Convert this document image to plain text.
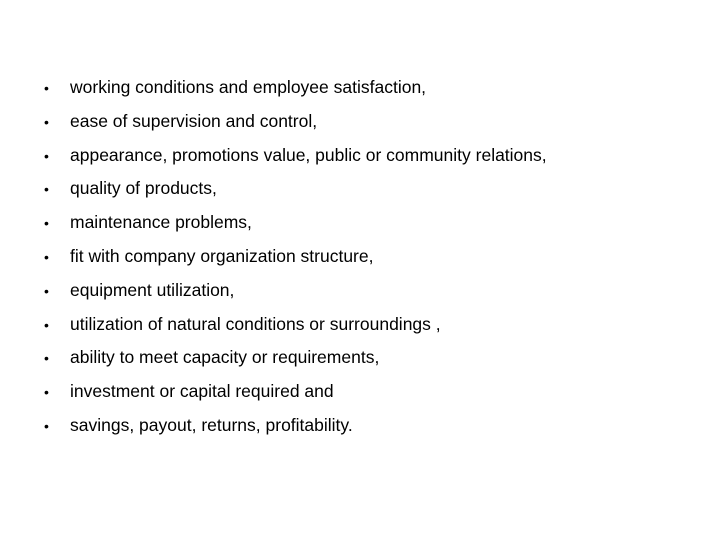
•	working conditions and employee satisfaction,
•	ease of supervision and control,
•	appearance, promotions value, public or community relations,
•	quality of products,
•	maintenance problems,
•	fit with company organization structure,
•	equipment utilization,
•	utilization of natural conditions or surroundings ,
•	ability to meet capacity or requirements,
•	investment or capital required and
•	savings, payout, returns, profitability.
